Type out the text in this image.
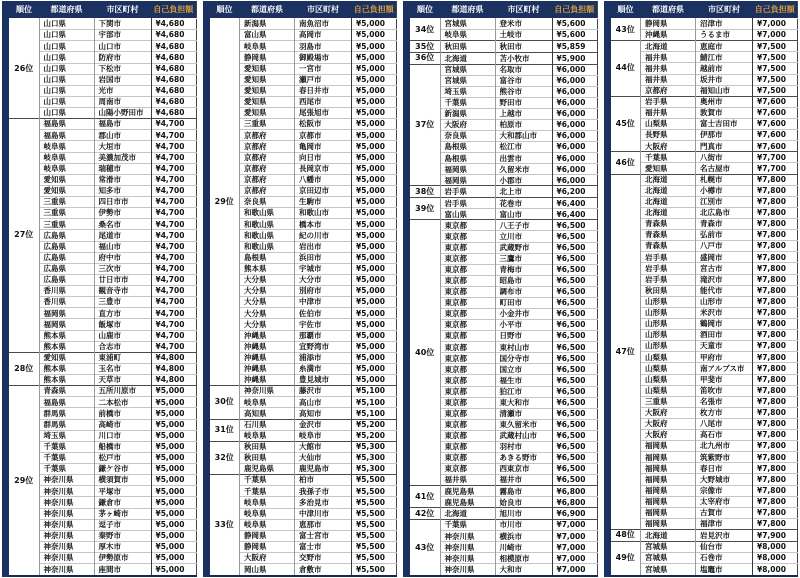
順位	都道府県	市区町村	自己負担額
26位	山口県	下関市	¥4,680
	山口県	宇部市	¥4,680
	山口県	山口市	¥4,680
	山口県	防府市	¥4,680
	山口県	下松市	¥4,680
	山口県	岩国市	¥4,680
	山口県	光市	¥4,680
	山口県	周南市	¥4,680
	山口県	山陽小野田市	¥4,680
27位	福島県	福島市	¥4,700
	福島県	郡山市	¥4,700
	岐阜県	大垣市	¥4,700
	岐阜県	美濃加茂市	¥4,700
	岐阜県	瑞穂市	¥4,700
	愛知県	常滑市	¥4,700
	愛知県	知多市	¥4,700
	三重県	四日市市	¥4,700
	三重県	伊勢市	¥4,700
	三重県	桑名市	¥4,700
	広島県	尾道市	¥4,700
	広島県	福山市	¥4,700
	広島県	府中市	¥4,700
	広島県	三次市	¥4,700
	広島県	廿日市市	¥4,700
	香川県	観音寺市	¥4,700
	香川県	三豊市	¥4,700
	福岡県	直方市	¥4,700
	福岡県	飯塚市	¥4,700
	熊本県	山鹿市	¥4,700
	熊本県	合志市	¥4,700
28位	愛知県	東浦町	¥4,800
	熊本県	玉名市	¥4,800
	熊本県	天草市	¥4,800
29位	青森県	五所川原市	¥5,000
	福島県	二本松市	¥5,000
	群馬県	前橋市	¥5,000
	群馬県	高崎市	¥5,000
	埼玉県	川口市	¥5,000
	千葉県	船橋市	¥5,000
	千葉県	松戸市	¥5,000
	千葉県	鎌ケ谷市	¥5,000
	神奈川県	横須賀市	¥5,000
	神奈川県	平塚市	¥5,000
	神奈川県	鎌倉市	¥5,000
	神奈川県	茅ヶ崎市	¥5,000
	神奈川県	逗子市	¥5,000
	神奈川県	秦野市	¥5,000
	神奈川県	厚木市	¥5,000
	神奈川県	伊勢原市	¥5,000
	神奈川県	座間市	¥5,000
順位	都道府県	市区町村	自己負担額
29位	新潟県	南魚沼市	¥5,000
	富山県	高岡市	¥5,000
	岐阜県	羽島市	¥5,000
	静岡県	御殿場市	¥5,000
	愛知県	一宮市	¥5,000
	愛知県	瀬戸市	¥5,000
	愛知県	春日井市	¥5,000
	愛知県	西尾市	¥5,000
	愛知県	尾張旭市	¥5,000
	三重県	松阪市	¥5,000
	京都府	京都市	¥5,000
	京都府	亀岡市	¥5,000
	京都府	向日市	¥5,000
	京都府	長岡京市	¥5,000
	京都府	八幡市	¥5,000
	京都府	京田辺市	¥5,000
	奈良県	生駒市	¥5,000
	和歌山県	和歌山市	¥5,000
	和歌山県	橋本市	¥5,000
	和歌山県	紀の川市	¥5,000
	和歌山県	岩出市	¥5,000
	島根県	浜田市	¥5,000
	熊本県	宇城市	¥5,000
	大分県	大分市	¥5,000
	大分県	別府市	¥5,000
	大分県	中津市	¥5,000
	大分県	佐伯市	¥5,000
	大分県	宇佐市	¥5,000
	沖縄県	那覇市	¥5,000
	沖縄県	宜野湾市	¥5,000
	沖縄県	浦添市	¥5,000
	沖縄県	糸満市	¥5,000
	沖縄県	豊見城市	¥5,000
30位	神奈川県	藤沢市	¥5,100
	岐阜県	高山市	¥5,100
	高知県	高知市	¥5,100
31位	石川県	金沢市	¥5,200
	岐阜県	岐阜市	¥5,200
32位	秋田県	大館市	¥5,300
	秋田県	大仙市	¥5,300
	鹿児島県	鹿児島市	¥5,300
33位	千葉県	柏市	¥5,500
	千葉県	我孫子市	¥5,500
	岐阜県	多治見市	¥5,500
	岐阜県	中津川市	¥5,500
	岐阜県	恵那市	¥5,500
	静岡県	富士宮市	¥5,500
	静岡県	富士市	¥5,500
	大阪府	交野市	¥5,500
	岡山県	倉敷市	¥5,500
順位	都道府県	市区町村	自己負担額
34位	宮城県	登米市	¥5,600
	岐阜県	土岐市	¥5,600
35位	秋田県	秋田市	¥5,859
36位	北海道	苫小牧市	¥5,900
37位	宮城県	名取市	¥6,000
	宮城県	富谷市	¥6,000
	埼玉県	熊谷市	¥6,000
	千葉県	野田市	¥6,000
	新潟県	上越市	¥6,000
	大阪府	柏原市	¥6,000
	奈良県	大和郡山市	¥6,000
	島根県	松江市	¥6,000
	島根県	出雲市	¥6,000
	福岡県	久留米市	¥6,000
	福岡県	小郡市	¥6,000
38位	岩手県	北上市	¥6,200
39位	岩手県	花巻市	¥6,400
	富山県	富山市	¥6,400
40位	東京都	八王子市	¥6,500
	東京都	立川市	¥6,500
	東京都	武蔵野市	¥6,500
	東京都	三鷹市	¥6,500
	東京都	青梅市	¥6,500
	東京都	昭島市	¥6,500
	東京都	調布市	¥6,500
	東京都	町田市	¥6,500
	東京都	小金井市	¥6,500
	東京都	小平市	¥6,500
	東京都	日野市	¥6,500
	東京都	東村山市	¥6,500
	東京都	国分寺市	¥6,500
	東京都	国立市	¥6,500
	東京都	福生市	¥6,500
	東京都	狛江市	¥6,500
	東京都	東大和市	¥6,500
	東京都	清瀬市	¥6,500
	東京都	東久留米市	¥6,500
	東京都	武蔵村山市	¥6,500
	東京都	羽村市	¥6,500
	東京都	あきる野市	¥6,500
	東京都	西東京市	¥6,500
	福井県	福井市	¥6,500
41位	鹿児島県	霧島市	¥6,800
	鹿児島県	姶良市	¥6,800
42位	北海道	旭川市	¥6,900
43位	千葉県	市川市	¥7,000
	神奈川県	横浜市	¥7,000
	神奈川県	川崎市	¥7,000
	神奈川県	相模原市	¥7,000
	神奈川県	大和市	¥7,000
順位	都道府県	市区町村	自己負担額
43位	静岡県	沼津市	¥7,000
	沖縄県	うるま市	¥7,000
44位	北海道	恵庭市	¥7,500
	福井県	鯖江市	¥7,500
	福井県	越前市	¥7,500
	福井県	坂井市	¥7,500
	京都府	福知山市	¥7,500
45位	岩手県	奥州市	¥7,600
	福井県	敦賀市	¥7,600
	山梨県	富士吉田市	¥7,600
	長野県	伊那市	¥7,600
	大阪府	門真市	¥7,600
46位	千葉県	八街市	¥7,700
	愛知県	名古屋市	¥7,700
47位	北海道	札幌市	¥7,800
	北海道	小樽市	¥7,800
	北海道	江別市	¥7,800
	北海道	北広島市	¥7,800
	青森県	青森市	¥7,800
	青森県	弘前市	¥7,800
	青森県	八戸市	¥7,800
	岩手県	盛岡市	¥7,800
	岩手県	宮古市	¥7,800
	岩手県	滝沢市	¥7,800
	秋田県	能代市	¥7,800
	山形県	山形市	¥7,800
	山形県	米沢市	¥7,800
	山形県	鶴岡市	¥7,800
	山形県	酒田市	¥7,800
	山形県	天童市	¥7,800
	山梨県	甲府市	¥7,800
	山梨県	南アルプス市	¥7,800
	山梨県	甲斐市	¥7,800
	山梨県	笛吹市	¥7,800
	三重県	名張市	¥7,800
	大阪府	枚方市	¥7,800
	大阪府	八尾市	¥7,800
	大阪府	高石市	¥7,800
	福岡県	北九州市	¥7,800
	福岡県	筑紫野市	¥7,800
	福岡県	春日市	¥7,800
	福岡県	大野城市	¥7,800
	福岡県	宗像市	¥7,800
	福岡県	太宰府市	¥7,800
	福岡県	古賀市	¥7,800
	福岡県	福津市	¥7,800
48位	北海道	岩見沢市	¥7,900
49位	宮城県	仙台市	¥8,000
	宮城県	石巻市	¥8,000
	宮城県	塩竈市	¥8,000
